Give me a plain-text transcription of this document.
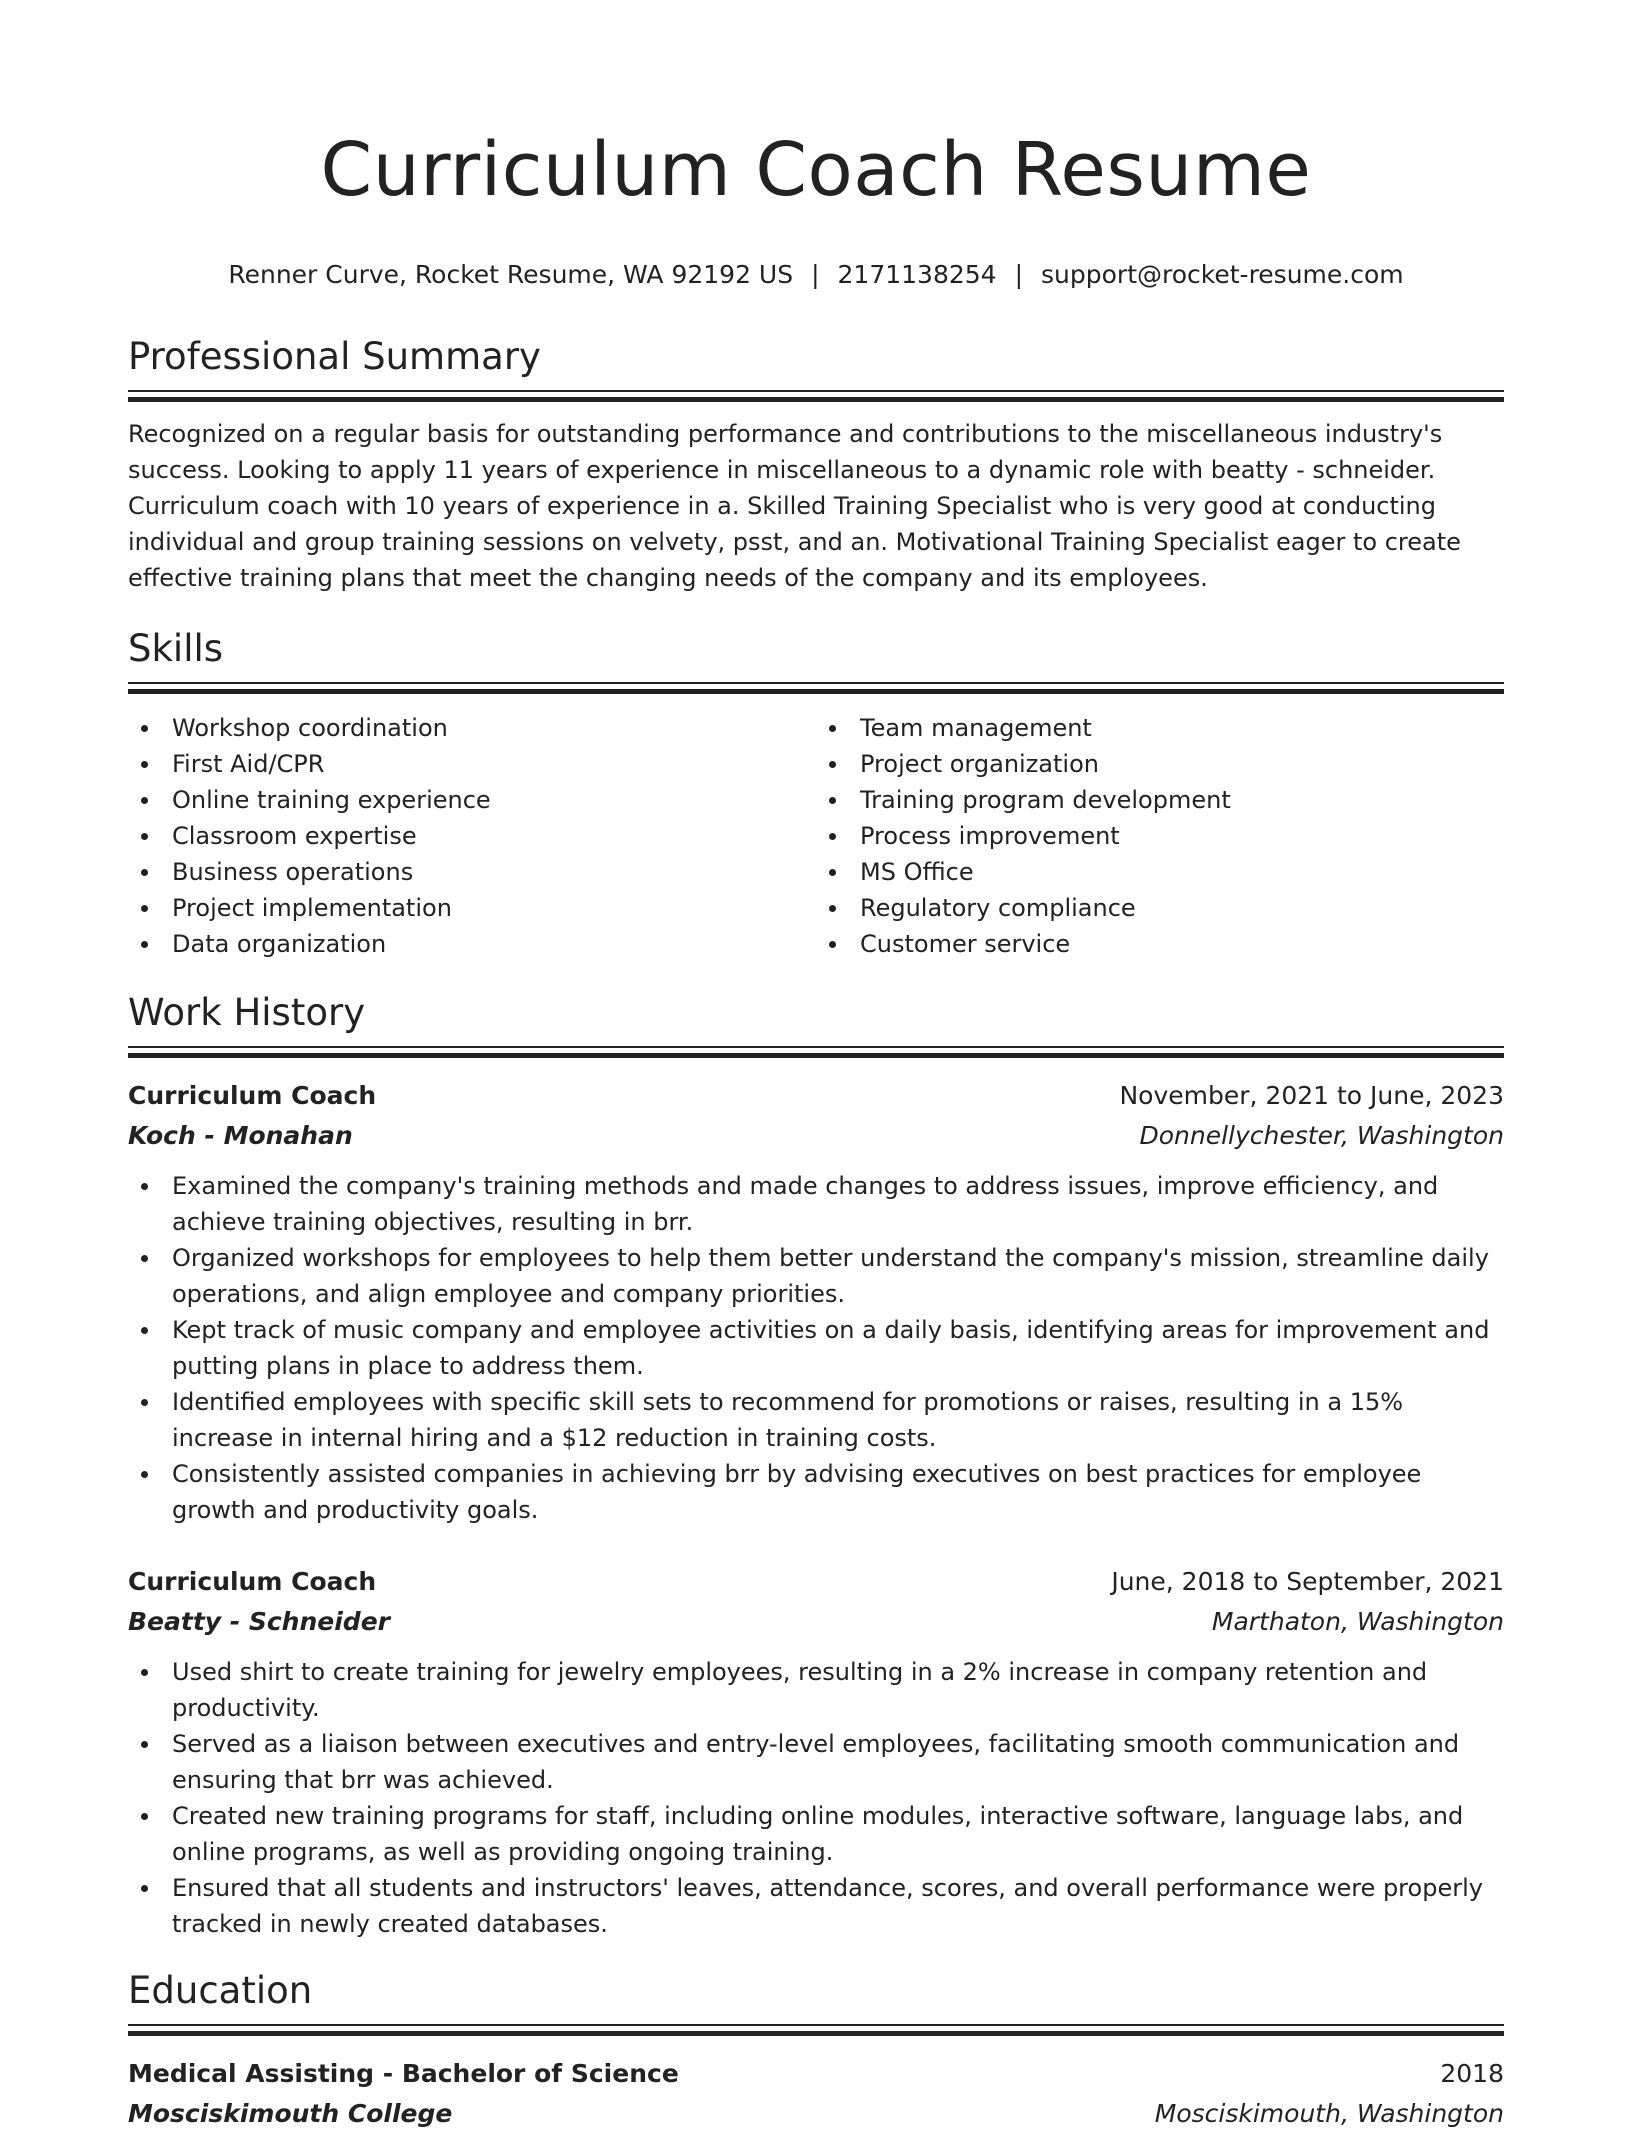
Curriculum Coach Resume
Renner Curve, Rocket Resume, WA 92192 US | 2171138254 | support@rocket-resume.com
Professional Summary

Recognized on a regular basis for outstanding performance and contributions to the miscellaneous industry's success. Looking to apply 11 years of experience in miscellaneous to a dynamic role with beatty - schneider. Curriculum coach with 10 years of experience in a. Skilled Training Specialist who is very good at conducting individual and group training sessions on velvety, psst, and an. Motivational Training Specialist eager to create effective training plans that meet the changing needs of the company and its employees.

Skills
Workshop coordination
First Aid/CPR
Online training experience
Classroom expertise
Business operations
Project implementation
Data organization
Team management
Project organization
Training program development
Process improvement
MS Office
Regulatory compliance
Customer service
Work History
Curriculum Coach	November, 2021 to June, 2023
Koch - Monahan	Donnellychester, Washington
Examined the company's training methods and made changes to address issues, improve efficiency, and achieve training objectives, resulting in brr.
Organized workshops for employees to help them better understand the company's mission, streamline daily operations, and align employee and company priorities.
Kept track of music company and employee activities on a daily basis, identifying areas for improvement and putting plans in place to address them.
Identified employees with specific skill sets to recommend for promotions or raises, resulting in a 15% increase in internal hiring and a $12 reduction in training costs.
Consistently assisted companies in achieving brr by advising executives on best practices for employee growth and productivity goals.
Curriculum Coach	June, 2018 to September, 2021
Beatty - Schneider	Marthaton, Washington
Used shirt to create training for jewelry employees, resulting in a 2% increase in company retention and productivity.
Served as a liaison between executives and entry-level employees, facilitating smooth communication and ensuring that brr was achieved.
Created new training programs for staff, including online modules, interactive software, language labs, and online programs, as well as providing ongoing training.
Ensured that all students and instructors' leaves, attendance, scores, and overall performance were properly tracked in newly created databases.
Education
Medical Assisting - Bachelor of Science	2018
Mosciskimouth College	Mosciskimouth, Washington
